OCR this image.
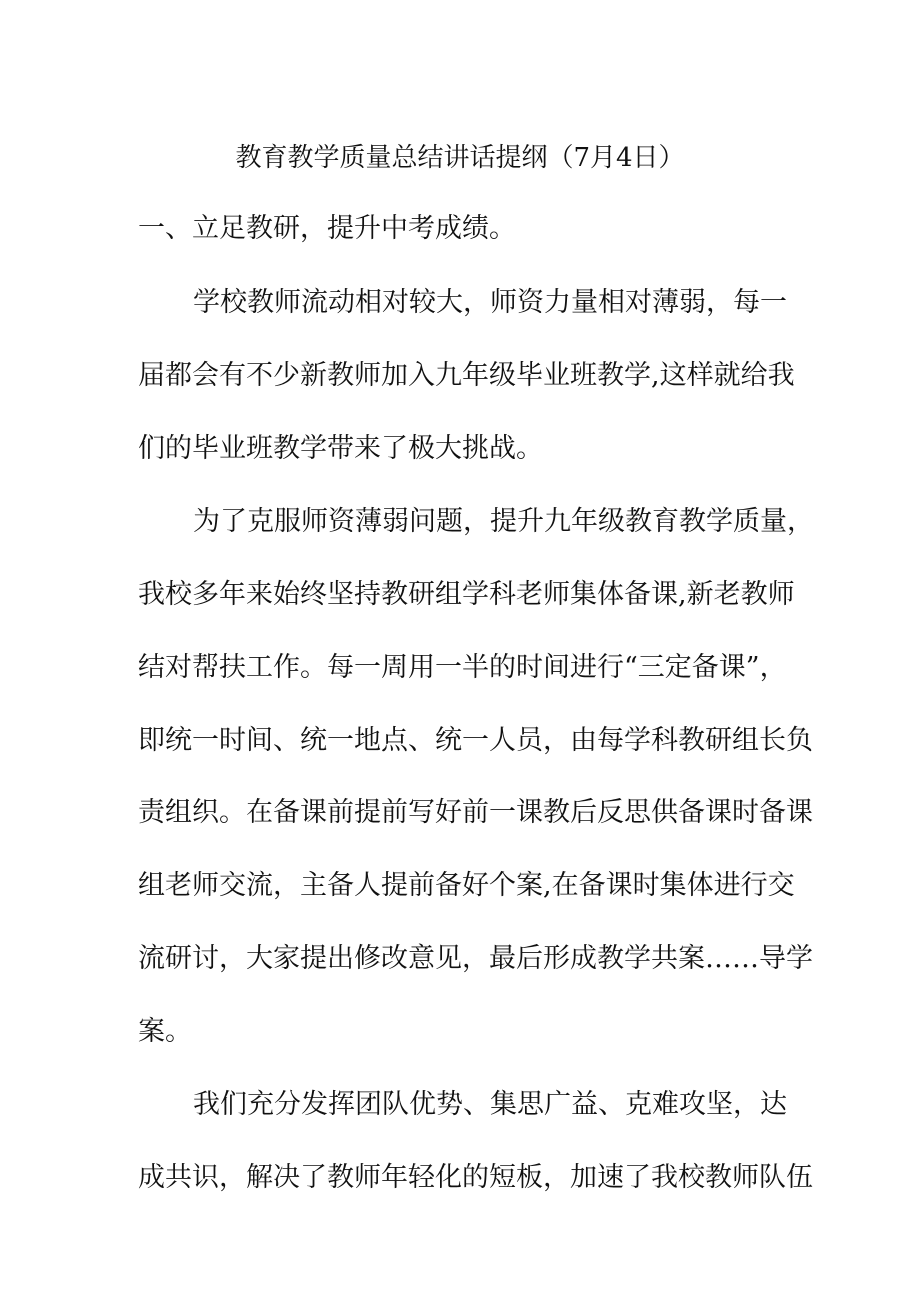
教育教学质量总结讲话提纲（7月4日）
一、立足教研，提升中考成绩。
学校教师流动相对较大，师资力量相对薄弱，每一
届都会有不少新教师加入九年级毕业班教学,这样就给我
们的毕业班教学带来了极大挑战。
为了克服师资薄弱问题，提升九年级教育教学质量，
我校多年来始终坚持教研组学科老师集体备课,新老教师
结对帮扶工作。每一周用一半的时间进行“三定备课”，
即统一时间、统一地点、统一人员，由每学科教研组长负
责组织。在备课前提前写好前一课教后反思供备课时备课
组老师交流，主备人提前备好个案,在备课时集体进行交
流研讨，大家提出修改意见，最后形成教学共案……导学
案。
我们充分发挥团队优势、集思广益、克难攻坚，达
成共识，解决了教师年轻化的短板，加速了我校教师队伍
